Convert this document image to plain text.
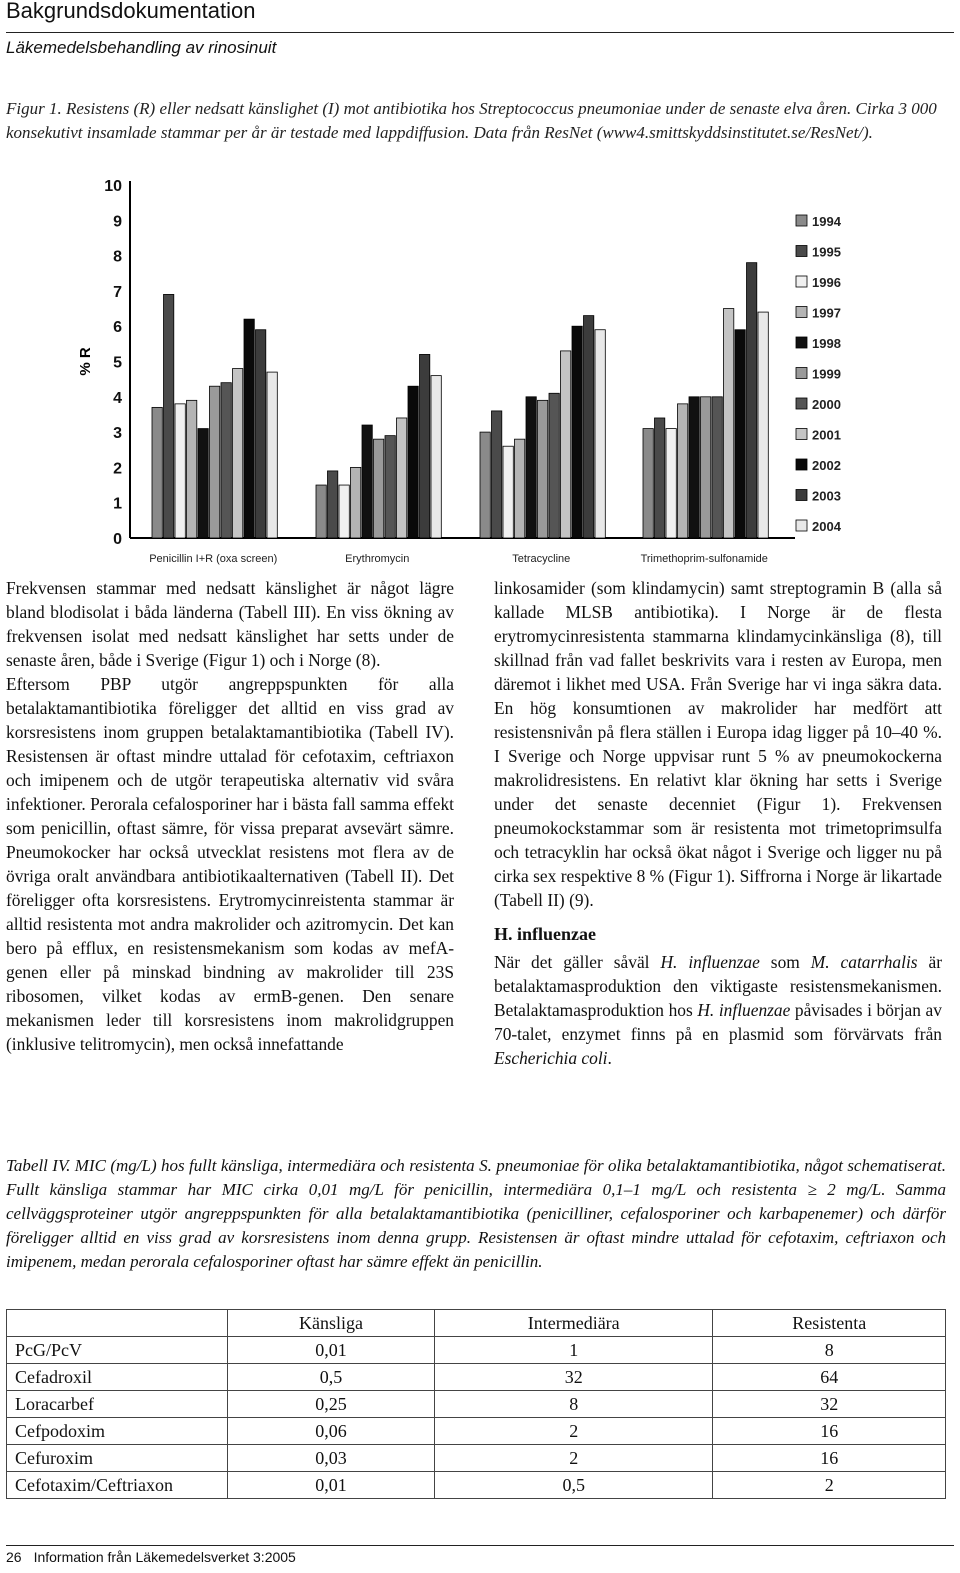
Bakgrundsdokumentation
Läkemedelsbehandling av rinosinuit
Figur 1. Resistens (R) eller nedsatt känslighet (I) mot antibiotika hos Streptococcus pneumoniae under de senaste elva åren. Cirka 3 000 konsekutivt insamlade stammar per år är testade med lappdiffusion. Data från ResNet (www4.smittskyddsinstitutet.se/ResNet/).
0
1
2
3
4
5
6
7
8
9
10
% R
Penicillin I+R (oxa screen)	Erythromycin	Tetracycline	Trimethoprim-sulfonamide
1994
1995
1996
1997
1998
1999
2000
2001
2002
2003
2004

Frekvensen stammar med nedsatt känslighet är något lägre bland blodisolat i båda länderna (Tabell III). En viss ökning av frekvensen isolat med nedsatt känslighet har setts under de senaste åren, både i Sverige (Figur 1) och i Norge (8).

Eftersom PBP utgör angreppspunkten för alla betalaktamantibiotika föreligger det alltid en viss grad av korsresistens inom gruppen betalaktamantibiotika (Tabell IV). Resistensen är oftast mindre uttalad för cefotaxim, ceftriaxon och imipenem och de utgör terapeutiska alternativ vid svåra infektioner. Perorala cefalosporiner har i bästa fall samma effekt som penicillin, oftast sämre, för vissa preparat avsevärt sämre. Pneumokocker har också utvecklat resistens mot flera av de övriga oralt användbara antibiotikaalternativen (Tabell II). Det föreligger ofta korsresistens. Erytromycinreistenta stammar är alltid resistenta mot andra makrolider och azitromycin. Det kan bero på efflux, en resistensmekanism som kodas av mefA-genen eller på minskad bindning av makrolider till 23S ribosomen, vilket kodas av ermB-genen. Den senare mekanismen leder till korsresistens inom makrolidgruppen (inklusive telitromycin), men också innefattande

linkosamider (som klindamycin) samt streptogramin B (alla så kallade MLSB antibiotika). I Norge är de flesta erytromycinresistenta stammarna klindamycinkänsliga (8), till skillnad från vad fallet beskrivits vara i resten av Europa, men däremot i likhet med USA. Från Sverige har vi inga säkra data. En hög konsumtionen av makrolider har medfört att resistensnivån på flera ställen i Europa idag ligger på 10–40 %. I Sverige och Norge uppvisar runt 5 % av pneumokockerna makrolidresistens. En relativt klar ökning har setts i Sverige under det senaste decenniet (Figur 1). Frekvensen pneumokockstammar som är resistenta mot trimetoprimsulfa och tetracyklin har också ökat något i Sverige och ligger nu på cirka sex respektive 8 % (Figur 1). Siffrorna i Norge är likartade (Tabell II) (9).

H. influenzae

När det gäller såväl H. influenzae som M. catarrhalis är betalaktamasproduktion den viktigaste resistensmekanismen. Betalaktamasproduktion hos H. influenzae påvisades i början av 70-talet, enzymet finns på en plasmid som förvärvats från Escherichia coli.

Tabell IV. MIC (mg/L) hos fullt känsliga, intermediära och resistenta S. pneumoniae för olika betalaktamantibiotika, något schematiserat. Fullt känsliga stammar har MIC cirka 0,01 mg/L för penicillin, intermediära 0,1–1 mg/L och resistenta ≥ 2 mg/L. Samma cellväggsproteiner utgör angreppspunkten för alla betalaktamantibiotika (penicilliner, cefalosporiner och karbapenemer) och därför föreligger alltid en viss grad av korsresistens inom denna grupp. Resistensen är oftast mindre uttalad för cefotaxim, ceftriaxon och imipenem, medan perorala cefalosporiner oftast har sämre effekt än penicillin.
	Känsliga	Intermediära	Resistenta
PcG/PcV	0,01	1	8
Cefadroxil	0,5	32	64
Loracarbef	0,25	8	32
Cefpodoxim	0,06	2	16
Cefuroxim	0,03	2	16
Cefotaxim/Ceftriaxon	0,01	0,5	2
26 Information från Läkemedelsverket 3:2005
